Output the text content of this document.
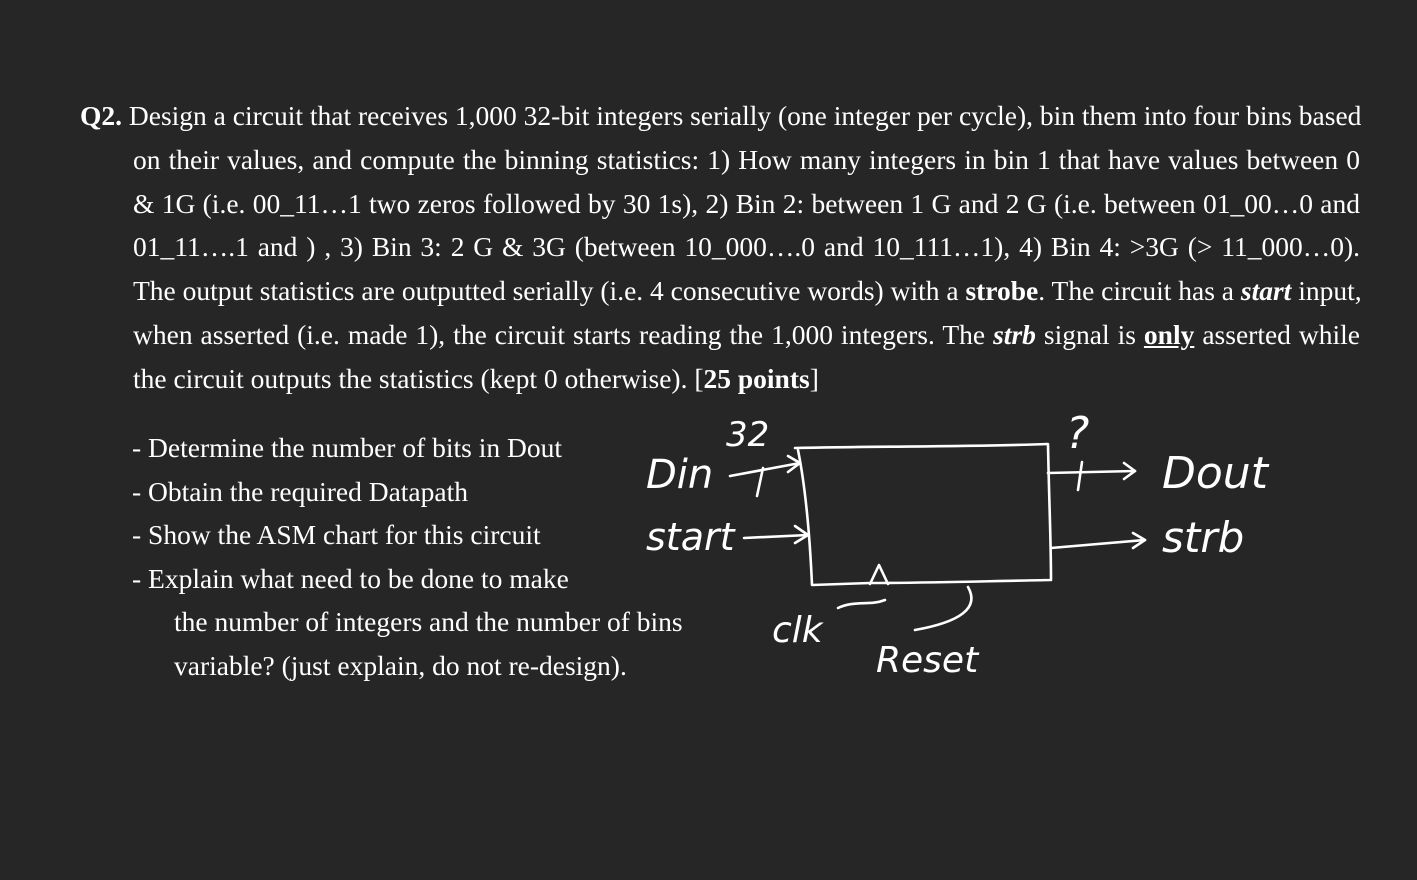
Q2. Design a circuit that receives 1,000 32-bit integers serially (one integer per cycle), bin them into four bins based
on their values, and compute the binning statistics: 1) How many integers in bin 1 that have values between 0
& 1G (i.e. 00_11…1 two zeros followed by 30 1s), 2) Bin 2: between 1 G and 2 G (i.e. between 01_00…0 and
01_11….1 and ) , 3) Bin 3: 2 G & 3G (between 10_000….0 and 10_111…1), 4) Bin 4: >3G (> 11_000…0).
The output statistics are outputted serially (i.e. 4 consecutive words) with a strobe. The circuit has a start input,
when asserted (i.e. made 1), the circuit starts reading the 1,000 integers. The strb signal is only asserted while
the circuit outputs the statistics (kept 0 otherwise). [25 points]
- Determine the number of bits in Dout
- Obtain the required Datapath
- Show the ASM chart for this circuit
- Explain what need to be done to make
the number of integers and the number of bins
variable? (just explain, do not re-design).
32
Din
start
clk
Reset
?
Dout
strb
